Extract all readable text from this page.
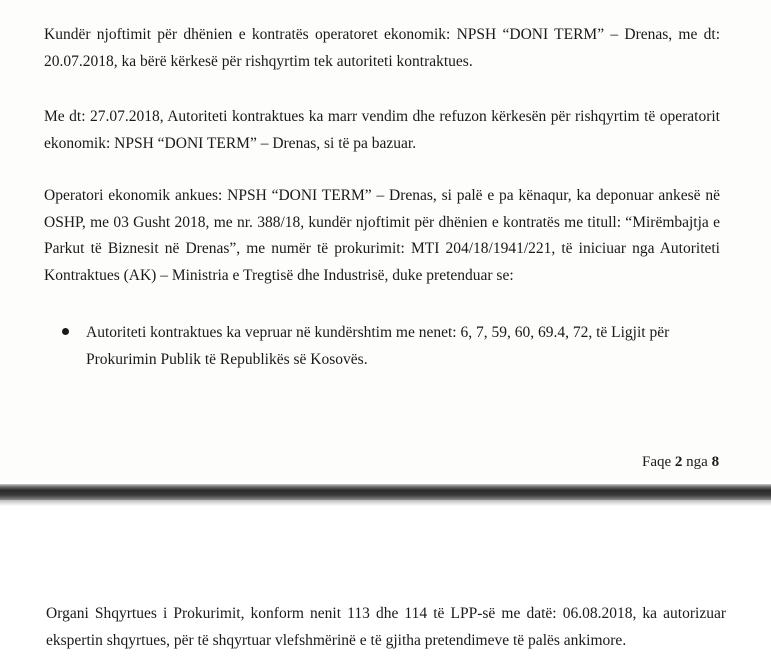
Kundër njoftimit për dhënien e kontratës operatoret ekonomik: NPSH “DONI TERM” – Drenas, me dt: 20.07.2018, ka bërë kërkesë për rishqyrtim tek autoriteti kontraktues.

Me dt: 27.07.2018, Autoriteti kontraktues ka marr vendim dhe refuzon kërkesën për rishqyrtim të operatorit ekonomik: NPSH “DONI TERM” – Drenas, si të pa bazuar.

Operatori ekonomik ankues: NPSH “DONI TERM” – Drenas, si palë e pa kënaqur, ka deponuar ankesë në OSHP, me 03 Gusht 2018, me nr. 388/18, kundër njoftimit për dhënien e kontratës me titull: “Mirëmbajtja e Parkut të Biznesit në Drenas”, me numër të prokurimit: MTI 204/18/1941/221, të iniciuar nga Autoriteti Kontraktues (AK) – Ministria e Tregtisë dhe Industrisë, duke pretenduar se:

Autoriteti kontraktues ka vepruar në kundërshtim me nenet: 6, 7, 59, 60, 69.4, 72, të Ligjit për Prokurimin Publik të Republikës së Kosovës.

Faqe 2 nga 8

Organi Shqyrtues i Prokurimit, konform nenit 113 dhe 114 të LPP-së me datë: 06.08.2018, ka autorizuar ekspertin shqyrtues, për të shqyrtuar vlefshmërinë e të gjitha pretendimeve të palës ankimore.
